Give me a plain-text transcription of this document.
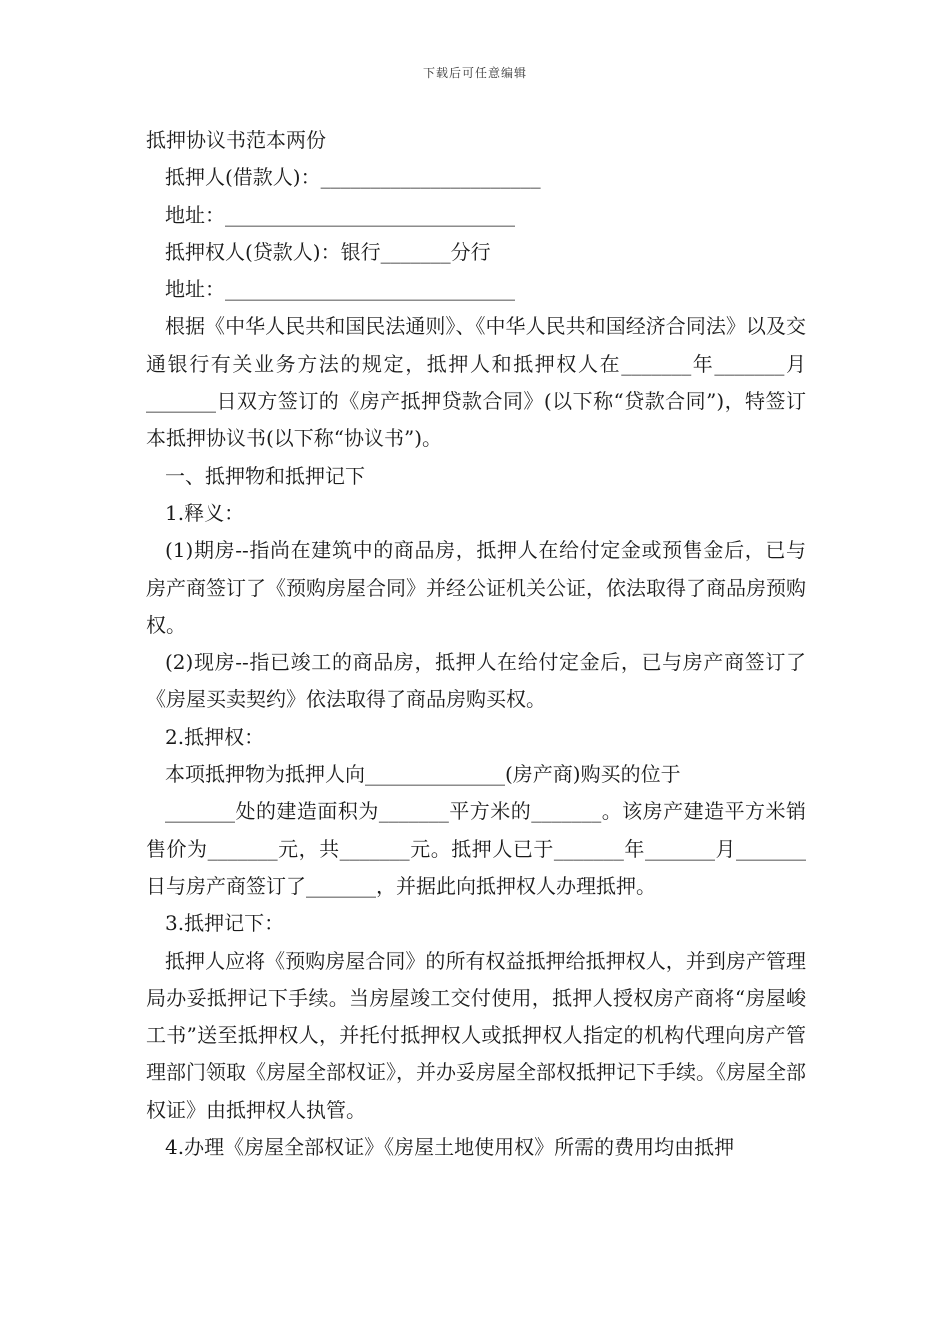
下载后可任意编辑
抵押协议书范本两份
抵押人(借款人)：______________________
地址：_____________________________
抵押权人(贷款人)：银行_______分行
地址：_____________________________
根据《中华人民共和国民法通则》、《中华人民共和国经济合同法》以及交通银行有关业务方法的规定，抵押人和抵押权人在_______年_______月_______日双方签订的《房产抵押贷款合同》(以下称“贷款合同”)，特签订本抵押协议书(以下称“协议书”)。
一、抵押物和抵押记下
1.释义：
(1)期房--指尚在建筑中的商品房，抵押人在给付定金或预售金后，已与房产商签订了《预购房屋合同》并经公证机关公证，依法取得了商品房预购权。
(2)现房--指已竣工的商品房，抵押人在给付定金后，已与房产商签订了《房屋买卖契约》依法取得了商品房购买权。
2.抵押权：
本项抵押物为抵押人向______________(房产商)购买的位于
_______处的建造面积为_______平方米的_______。该房产建造平方米销售价为_______元，共_______元。抵押人已于_______年_______月_______日与房产商签订了_______，并据此向抵押权人办理抵押。
3.抵押记下：
抵押人应将《预购房屋合同》的所有权益抵押给抵押权人，并到房产管理局办妥抵押记下手续。当房屋竣工交付使用，抵押人授权房产商将“房屋峻工书”送至抵押权人，并托付抵押权人或抵押权人指定的机构代理向房产管理部门领取《房屋全部权证》，并办妥房屋全部权抵押记下手续。《房屋全部权证》由抵押权人执管。
4.办理《房屋全部权证》《房屋土地使用权》所需的费用均由抵押
